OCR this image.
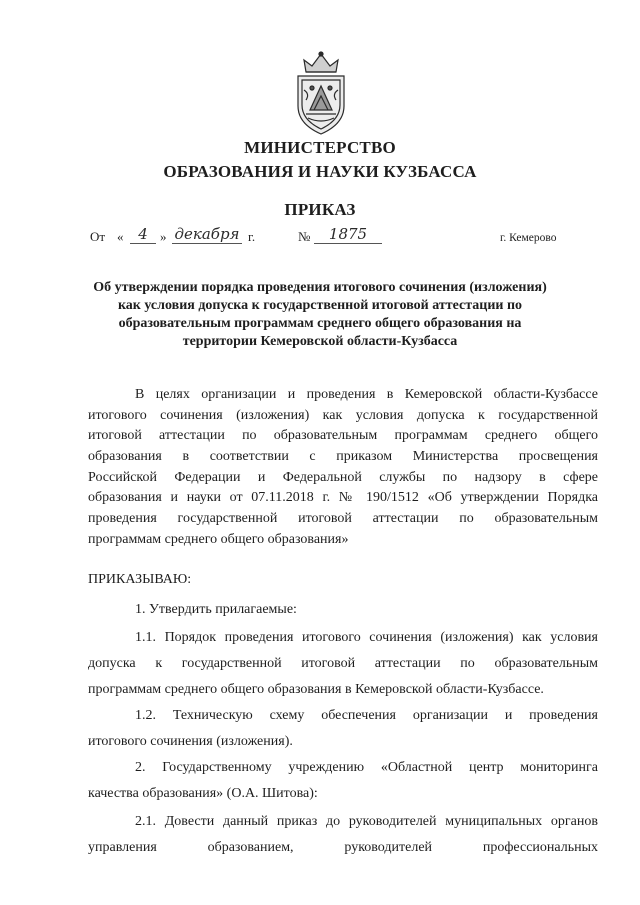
МИНИСТЕРСТВО
ОБРАЗОВАНИЯ И НАУКИ КУЗБАССА
ПРИКАЗ
От « 4 » декабря г.	№	1875	г. Кемерово
Об утверждении порядка проведения итогового сочинения (изложения)
как условия допуска к государственной итоговой аттестации по
образовательным программам среднего общего образования на
территории Кемеровской области-Кузбасса
В целях организации и проведения в Кемеровской области-Кузбассе
итогового сочинения (изложения) как условия допуска к государственной
итоговой аттестации по образовательным программам среднего общего
образования в соответствии с приказом Министерства просвещения
Российской Федерации и Федеральной службы по надзору в сфере
образования и науки от 07.11.2018 г. № 190/1512 «Об утверждении Порядка
проведения государственной итоговой аттестации по образовательным
программам среднего общего образования»
ПРИКАЗЫВАЮ:
1. Утвердить прилагаемые:
1.1. Порядок проведения итогового сочинения (изложения) как условия
допуска к государственной итоговой аттестации по образовательным
программам среднего общего образования в Кемеровской области-Кузбассе.
1.2. Техническую схему обеспечения организации и проведения
итогового сочинения (изложения).
2. Государственному учреждению «Областной центр мониторинга
качества образования» (О.А. Шитова):
2.1. Довести данный приказ до руководителей муниципальных органов
управления образованием, руководителей профессиональных
